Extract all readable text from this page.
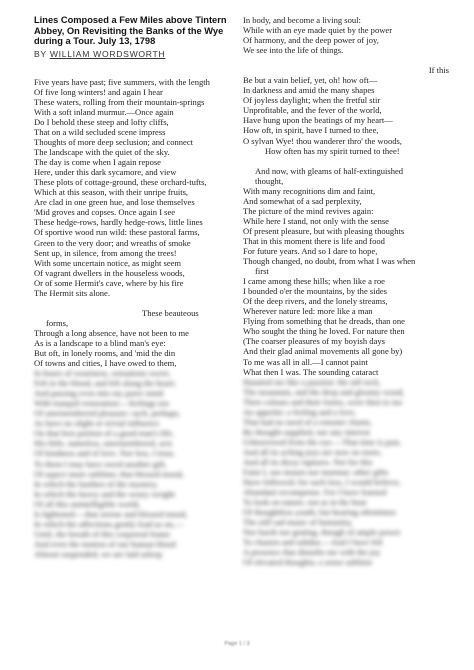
Lines Composed a Few Miles above Tintern
Abbey, On Revisiting the Banks of the Wye
during a Tour. July 13, 1798
BY WILLIAM WORDSWORTH
Five years have past; five summers, with the length
Of five long winters! and again I hear
These waters, rolling from their mountain-springs
With a soft inland murmur.—Once again
Do I behold these steep and lofty cliffs,
That on a wild secluded scene impress
Thoughts of more deep seclusion; and connect
The landscape with the quiet of the sky.
The day is come when I again repose
Here, under this dark sycamore, and view
These plots of cottage-ground, these orchard-tufts,
Which at this season, with their unripe fruits,
Are clad in one green hue, and lose themselves
'Mid groves and copses. Once again I see
These hedge-rows, hardly hedge-rows, little lines
Of sportive wood run wild: these pastoral farms,
Green to the very door; and wreaths of smoke
Sent up, in silence, from among the trees!
With some uncertain notice, as might seem
Of vagrant dwellers in the houseless woods,
Or of some Hermit's cave, where by his fire
The Hermit sits alone.
These beauteous
forms,
Through a long absence, have not been to me
As is a landscape to a blind man's eye:
But oft, in lonely rooms, and 'mid the din
Of towns and cities, I have owed to them,
In hours of weariness, sensations sweet,
Felt in the blood, and felt along the heart;
And passing even into my purer mind
With tranquil restoration:—feelings too
Of unremembered pleasure: such, perhaps,
As have no slight or trivial influence
On that best portion of a good man's life,
His little, nameless, unremembered, acts
Of kindness and of love. Nor less, I trust,
To them I may have owed another gift,
Of aspect more sublime; that blessed mood,
In which the burthen of the mystery,
In which the heavy and the weary weight
Of all this unintelligible world,
Is lightened:—that serene and blessed mood,
In which the affections gently lead us on,—
Until, the breath of this corporeal frame
And even the motion of our human blood
Almost suspended, we are laid asleep
In body, and become a living soul:
While with an eye made quiet by the power
Of harmony, and the deep power of joy,
We see into the life of things.
If this
Be but a vain belief, yet, oh! how oft—
In darkness and amid the many shapes
Of joyless daylight; when the fretful stir
Unprofitable, and the fever of the world,
Have hung upon the beatings of my heart—
How oft, in spirit, have I turned to thee,
O sylvan Wye! thou wanderer thro' the woods,
How often has my spirit turned to thee!
And now, with gleams of half-extinguished
thought,
With many recognitions dim and faint,
And somewhat of a sad perplexity,
The picture of the mind revives again:
While here I stand, not only with the sense
Of present pleasure, but with pleasing thoughts
That in this moment there is life and food
For future years. And so I dare to hope,
Though changed, no doubt, from what I was when
first
I came among these hills; when like a roe
I bounded o'er the mountains, by the sides
Of the deep rivers, and the lonely streams,
Wherever nature led: more like a man
Flying from something that he dreads, than one
Who sought the thing he loved. For nature then
(The coarser pleasures of my boyish days
And their glad animal movements all gone by)
To me was all in all.—I cannot paint
What then I was. The sounding cataract
Haunted me like a passion: the tall rock,
The mountain, and the deep and gloomy wood,
Their colours and their forms, were then to me
An appetite; a feeling and a love,
That had no need of a remoter charm,
By thought supplied, nor any interest
Unborrowed from the eye.—That time is past,
And all its aching joys are now no more,
And all its dizzy raptures. Not for this
Faint I, nor mourn nor murmur; other gifts
Have followed; for such loss, I would believe,
Abundant recompense. For I have learned
To look on nature, not as in the hour
Of thoughtless youth; but hearing oftentimes
The still sad music of humanity,
Nor harsh nor grating, though of ample power
To chasten and subdue.—And I have felt
A presence that disturbs me with the joy
Of elevated thoughts; a sense sublime
Page 1 / 3
